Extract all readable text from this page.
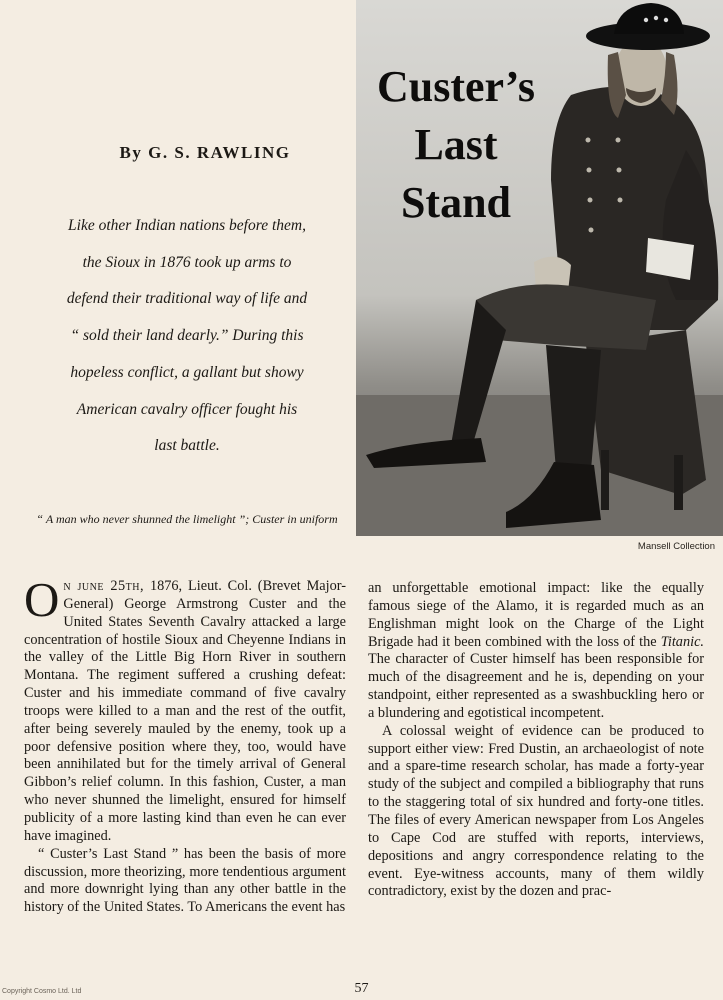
By G. S. RAWLING
Like other Indian nations before them,
the Sioux in 1876 took up arms to
defend their traditional way of life and
“ sold their land dearly.” During this
hopeless conflict, a gallant but showy
American cavalry officer fought his
last battle.
“ A man who never shunned the limelight ”; Custer in uniform
Custer’s
Last
Stand
Mansell Collection

On june 25th, 1876, Lieut. Col. (Brevet Major-General) George Armstrong Custer and the United States Seventh Cavalry attacked a large concentration of hostile Sioux and Cheyenne Indians in the valley of the Little Big Horn River in southern Montana. The regiment suffered a crushing defeat: Custer and his immediate command of five cavalry troops were killed to a man and the rest of the outfit, after being severely mauled by the enemy, took up a poor defensive position where they, too, would have been annihilated but for the timely arrival of General Gibbon’s relief column. In this fashion, Custer, a man who never shunned the limelight, ensured for himself publicity of a more lasting kind than even he can ever have imagined.

“ Custer’s Last Stand ” has been the basis of more discussion, more theorizing, more tendentious argument and more downright lying than any other battle in the history of the United States. To Americans the event has

an unforgettable emotional impact: like the equally famous siege of the Alamo, it is regarded much as an Englishman might look on the Charge of the Light Brigade had it been combined with the loss of the Titanic. The character of Custer himself has been responsible for much of the disagreement and he is, depending on your standpoint, either represented as a swashbuckling hero or a blundering and egotistical incompetent.

A colossal weight of evidence can be produced to support either view: Fred Dustin, an archaeologist of note and a spare-time research scholar, has made a forty-year study of the subject and compiled a bibliography that runs to the staggering total of six hundred and forty-one titles. The files of every American newspaper from Los Angeles to Cape Cod are stuffed with reports, interviews, depositions and angry correspondence relating to the event. Eye-witness accounts, many of them wildly contradictory, exist by the dozen and prac-

57
Copyright Cosmo Ltd. Ltd
